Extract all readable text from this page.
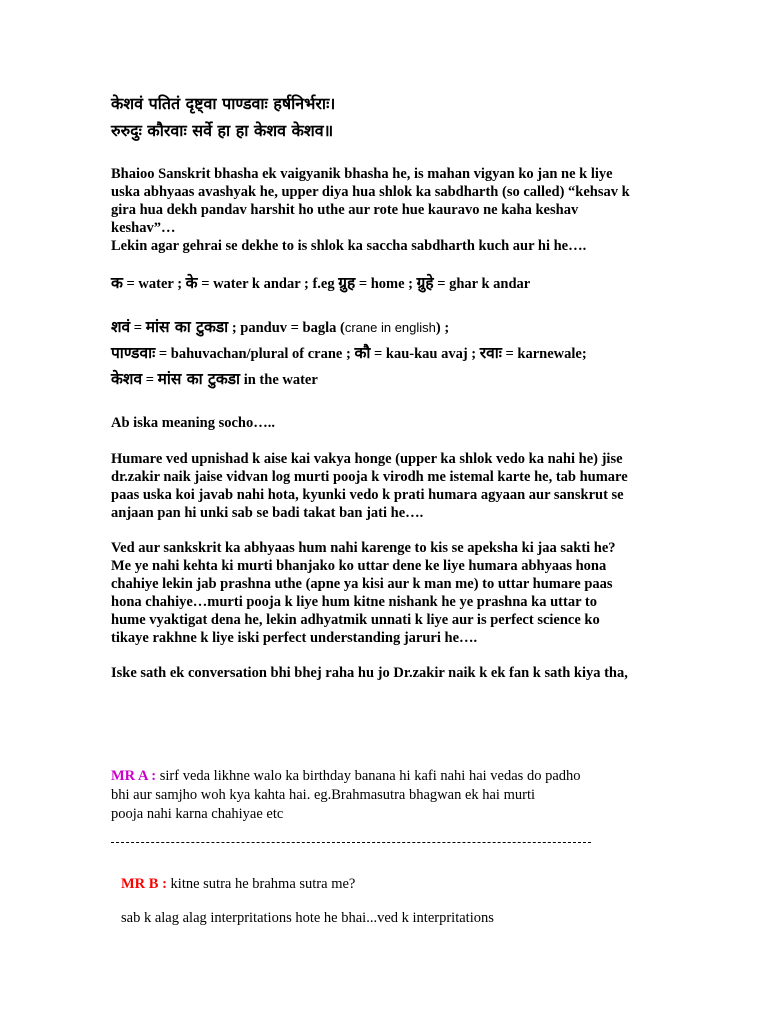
केशवं पतितं दृष्ट्वा पाण्डवाः हर्षनिर्भराः।
रुरुदुः कौरवाः सर्वे हा हा केशव केशव॥
Bhaioo Sanskrit bhasha ek vaigyanik bhasha he, is mahan vigyan ko jan ne k liye
uska abhyaas avashyak he, upper diya hua shlok ka sabdharth (so called) “kehsav k
gira hua dekh pandav harshit ho uthe aur rote hue kauravo ne kaha keshav
keshav”…
Lekin agar gehrai se dekhe to is shlok ka saccha sabdharth kuch aur hi he….
क = water ; के = water k andar ; f.eg ग्रुह = home ; ग्रुहे = ghar k andar
शवं = मांस का टुकडा ; panduv = bagla (crane in english) ;
पाण्डवाः = bahuvachan/plural of crane ; कौ = kau-kau avaj ; रवाः = karnewale;
केशव = मांस का टुकडा in the water
Ab iska meaning socho…..
Humare ved upnishad k aise kai vakya honge (upper ka shlok vedo ka nahi he) jise
dr.zakir naik jaise vidvan log murti pooja k virodh me istemal karte he, tab humare
paas uska koi javab nahi hota, kyunki vedo k prati humara agyaan aur sanskrut se
anjaan pan hi unki sab se badi takat ban jati he….
Ved aur sankskrit ka abhyaas hum nahi karenge to kis se apeksha ki jaa sakti he?
Me ye nahi kehta ki murti bhanjako ko uttar dene ke liye humara abhyaas hona
chahiye lekin jab prashna uthe (apne ya kisi aur k man me) to uttar humare paas
hona chahiye…murti pooja k liye hum kitne nishank he ye prashna ka uttar to
hume vyaktigat dena he, lekin adhyatmik unnati k liye aur is perfect science ko
tikaye rakhne k liye iski perfect understanding jaruri he….
Iske sath ek conversation bhi bhej raha hu jo Dr.zakir naik k ek fan k sath kiya tha,
MR A : sirf veda likhne walo ka birthday banana hi kafi nahi hai vedas do padho
bhi aur samjho woh kya kahta hai. eg.Brahmasutra bhagwan ek hai murti
pooja nahi karna chahiyae etc
MR B : kitne sutra he brahma sutra me?
sab k alag alag interpritations hote he bhai...ved k interpritations
